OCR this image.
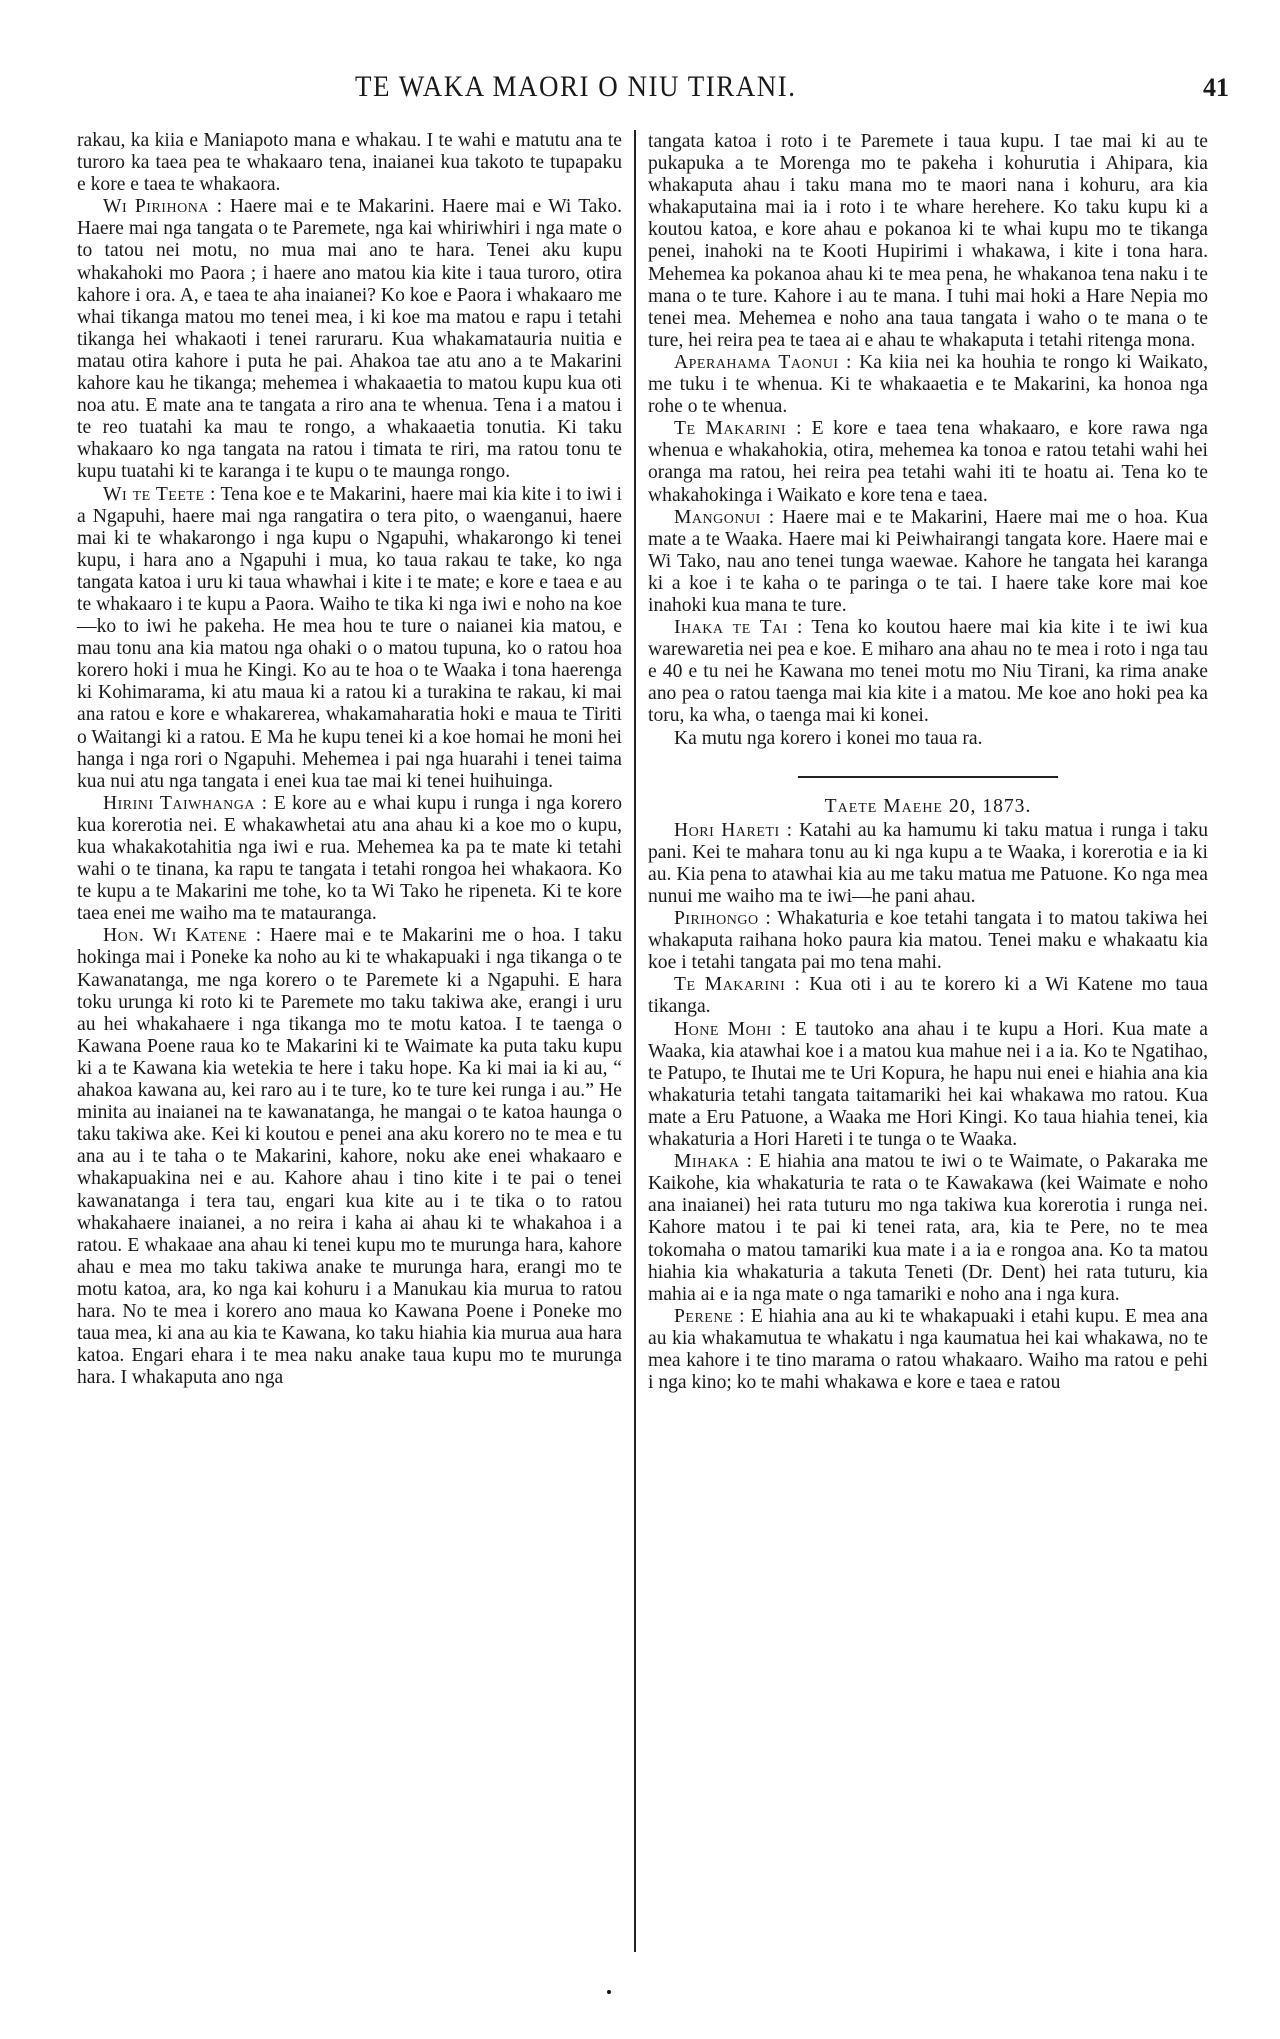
TE WAKA MAORI O NIU TIRANI.	41

rakau, ka kiia e Maniapoto mana e whakau. I te wahi e matutu ana te turoro ka taea pea te whakaaro tena, inaianei kua takoto te tupapaku e kore e taea te whakaora.

Wi Pirihona : Haere mai e te Makarini. Haere mai e Wi Tako. Haere mai nga tangata o te Paremete, nga kai whiriwhiri i nga mate o to tatou nei motu, no mua mai ano te hara. Tenei aku kupu whakahoki mo Paora ; i haere ano matou kia kite i taua turoro, otira kahore i ora. A, e taea te aha inaianei? Ko koe e Paora i whakaaro me whai tikanga matou mo tenei mea, i ki koe ma matou e rapu i tetahi tikanga hei whakaoti i tenei raruraru. Kua whakamatauria nuitia e matau otira kahore i puta he pai. Ahakoa tae atu ano a te Makarini kahore kau he tikanga; mehemea i whakaaetia to matou kupu kua oti noa atu. E mate ana te tangata a riro ana te whenua. Tena i a matou i te reo tuatahi ka mau te rongo, a whakaaetia tonutia. Ki taku whakaaro ko nga tangata na ratou i timata te riri, ma ratou tonu te kupu tuatahi ki te karanga i te kupu o te maunga rongo.

Wi te Teete : Tena koe e te Makarini, haere mai kia kite i to iwi i a Ngapuhi, haere mai nga rangatira o tera pito, o waenganui, haere mai ki te whakarongo i nga kupu o Ngapuhi, whakarongo ki tenei kupu, i hara ano a Ngapuhi i mua, ko taua rakau te take, ko nga tangata katoa i uru ki taua whawhai i kite i te mate; e kore e taea e au te whakaaro i te kupu a Paora. Waiho te tika ki nga iwi e noho na koe—ko to iwi he pakeha. He mea hou te ture o naianei kia matou, e mau tonu ana kia matou nga ohaki o o matou tupuna, ko o ratou hoa korero hoki i mua he Kingi. Ko au te hoa o te Waaka i tona haerenga ki Kohimarama, ki atu maua ki a ratou ki a turakina te rakau, ki mai ana ratou e kore e whakarerea, whakamaharatia hoki e maua te Tiriti o Waitangi ki a ratou. E Ma he kupu tenei ki a koe homai he moni hei hanga i nga rori o Ngapuhi. Mehemea i pai nga huarahi i tenei taima kua nui atu nga tangata i enei kua tae mai ki tenei huihuinga.

Hirini Taiwhanga : E kore au e whai kupu i runga i nga korero kua korerotia nei. E whakawhetai atu ana ahau ki a koe mo o kupu, kua whakakotahitia nga iwi e rua. Mehemea ka pa te mate ki tetahi wahi o te tinana, ka rapu te tangata i tetahi rongoa hei whakaora. Ko te kupu a te Makarini me tohe, ko ta Wi Tako he ripeneta. Ki te kore taea enei me waiho ma te matauranga.

Hon. Wi Katene : Haere mai e te Makarini me o hoa. I taku hokinga mai i Poneke ka noho au ki te whakapuaki i nga tikanga o te Kawanatanga, me nga korero o te Paremete ki a Ngapuhi. E hara toku urunga ki roto ki te Paremete mo taku takiwa ake, erangi i uru au hei whakahaere i nga tikanga mo te motu katoa. I te taenga o Kawana Poene raua ko te Makarini ki te Waimate ka puta taku kupu ki a te Kawana kia wetekia te here i taku hope. Ka ki mai ia ki au, “ ahakoa kawana au, kei raro au i te ture, ko te ture kei runga i au.” He minita au inaianei na te kawanatanga, he mangai o te katoa haunga o taku takiwa ake. Kei ki koutou e penei ana aku korero no te mea e tu ana au i te taha o te Makarini, kahore, noku ake enei whakaaro e whakapuakina nei e au. Kahore ahau i tino kite i te pai o tenei kawanatanga i tera tau, engari kua kite au i te tika o to ratou whakahaere inaianei, a no reira i kaha ai ahau ki te whakahoa i a ratou. E whakaae ana ahau ki tenei kupu mo te murunga hara, kahore ahau e mea mo taku takiwa anake te murunga hara, erangi mo te motu katoa, ara, ko nga kai kohuru i a Manukau kia murua to ratou hara. No te mea i korero ano maua ko Kawana Poene i Poneke mo taua mea, ki ana au kia te Kawana, ko taku hiahia kia murua aua hara katoa. Engari ehara i te mea naku anake taua kupu mo te murunga hara. I whakaputa ano nga

tangata katoa i roto i te Paremete i taua kupu. I tae mai ki au te pukapuka a te Morenga mo te pakeha i kohurutia i Ahipara, kia whakaputa ahau i taku mana mo te maori nana i kohuru, ara kia whakaputaina mai ia i roto i te whare herehere. Ko taku kupu ki a koutou katoa, e kore ahau e pokanoa ki te whai kupu mo te tikanga penei, inahoki na te Kooti Hupirimi i whakawa, i kite i tona hara. Mehemea ka pokanoa ahau ki te mea pena, he whakanoa tena naku i te mana o te ture. Kahore i au te mana. I tuhi mai hoki a Hare Nepia mo tenei mea. Mehemea e noho ana taua tangata i waho o te mana o te ture, hei reira pea te taea ai e ahau te whakaputa i tetahi ritenga mona.

Aperahama Taonui : Ka kiia nei ka houhia te rongo ki Waikato, me tuku i te whenua. Ki te whakaaetia e te Makarini, ka honoa nga rohe o te whenua.

Te Makarini : E kore e taea tena whakaaro, e kore rawa nga whenua e whakahokia, otira, mehemea ka tonoa e ratou tetahi wahi hei oranga ma ratou, hei reira pea tetahi wahi iti te hoatu ai. Tena ko te whakahokinga i Waikato e kore tena e taea.

Mangonui : Haere mai e te Makarini, Haere mai me o hoa. Kua mate a te Waaka. Haere mai ki Peiwhairangi tangata kore. Haere mai e Wi Tako, nau ano tenei tunga waewae. Kahore he tangata hei karanga ki a koe i te kaha o te paringa o te tai. I haere take kore mai koe inahoki kua mana te ture.

Ihaka te Tai : Tena ko koutou haere mai kia kite i te iwi kua warewaretia nei pea e koe. E miharo ana ahau no te mea i roto i nga tau e 40 e tu nei he Kawana mo tenei motu mo Niu Tirani, ka rima anake ano pea o ratou taenga mai kia kite i a matou. Me koe ano hoki pea ka toru, ka wha, o taenga mai ki konei.

Ka mutu nga korero i konei mo taua ra.

Taete Maehe 20, 1873.

Hori Hareti : Katahi au ka hamumu ki taku matua i runga i taku pani. Kei te mahara tonu au ki nga kupu a te Waaka, i korerotia e ia ki au. Kia pena to atawhai kia au me taku matua me Patuone. Ko nga mea nunui me waiho ma te iwi—he pani ahau.

Pirihongo : Whakaturia e koe tetahi tangata i to matou takiwa hei whakaputa raihana hoko paura kia matou. Tenei maku e whakaatu kia koe i tetahi tangata pai mo tena mahi.

Te Makarini : Kua oti i au te korero ki a Wi Katene mo taua tikanga.

Hone Mohi : E tautoko ana ahau i te kupu a Hori. Kua mate a Waaka, kia atawhai koe i a matou kua mahue nei i a ia. Ko te Ngatihao, te Patupo, te Ihutai me te Uri Kopura, he hapu nui enei e hiahia ana kia whakaturia tetahi tangata taitamariki hei kai whakawa mo ratou. Kua mate a Eru Patuone, a Waaka me Hori Kingi. Ko taua hiahia tenei, kia whakaturia a Hori Hareti i te tunga o te Waaka.

Mihaka : E hiahia ana matou te iwi o te Waimate, o Pakaraka me Kaikohe, kia whakaturia te rata o te Kawakawa (kei Waimate e noho ana inaianei) hei rata tuturu mo nga takiwa kua korerotia i runga nei. Kahore matou i te pai ki tenei rata, ara, kia te Pere, no te mea tokomaha o matou tamariki kua mate i a ia e rongoa ana. Ko ta matou hiahia kia whakaturia a takuta Teneti (Dr. Dent) hei rata tuturu, kia mahia ai e ia nga mate o nga tamariki e noho ana i nga kura.

Perene : E hiahia ana au ki te whakapuaki i etahi kupu. E mea ana au kia whakamutua te whakatu i nga kaumatua hei kai whakawa, no te mea kahore i te tino marama o ratou whakaaro. Waiho ma ratou e pehi i nga kino; ko te mahi whakawa e kore e taea e ratou
